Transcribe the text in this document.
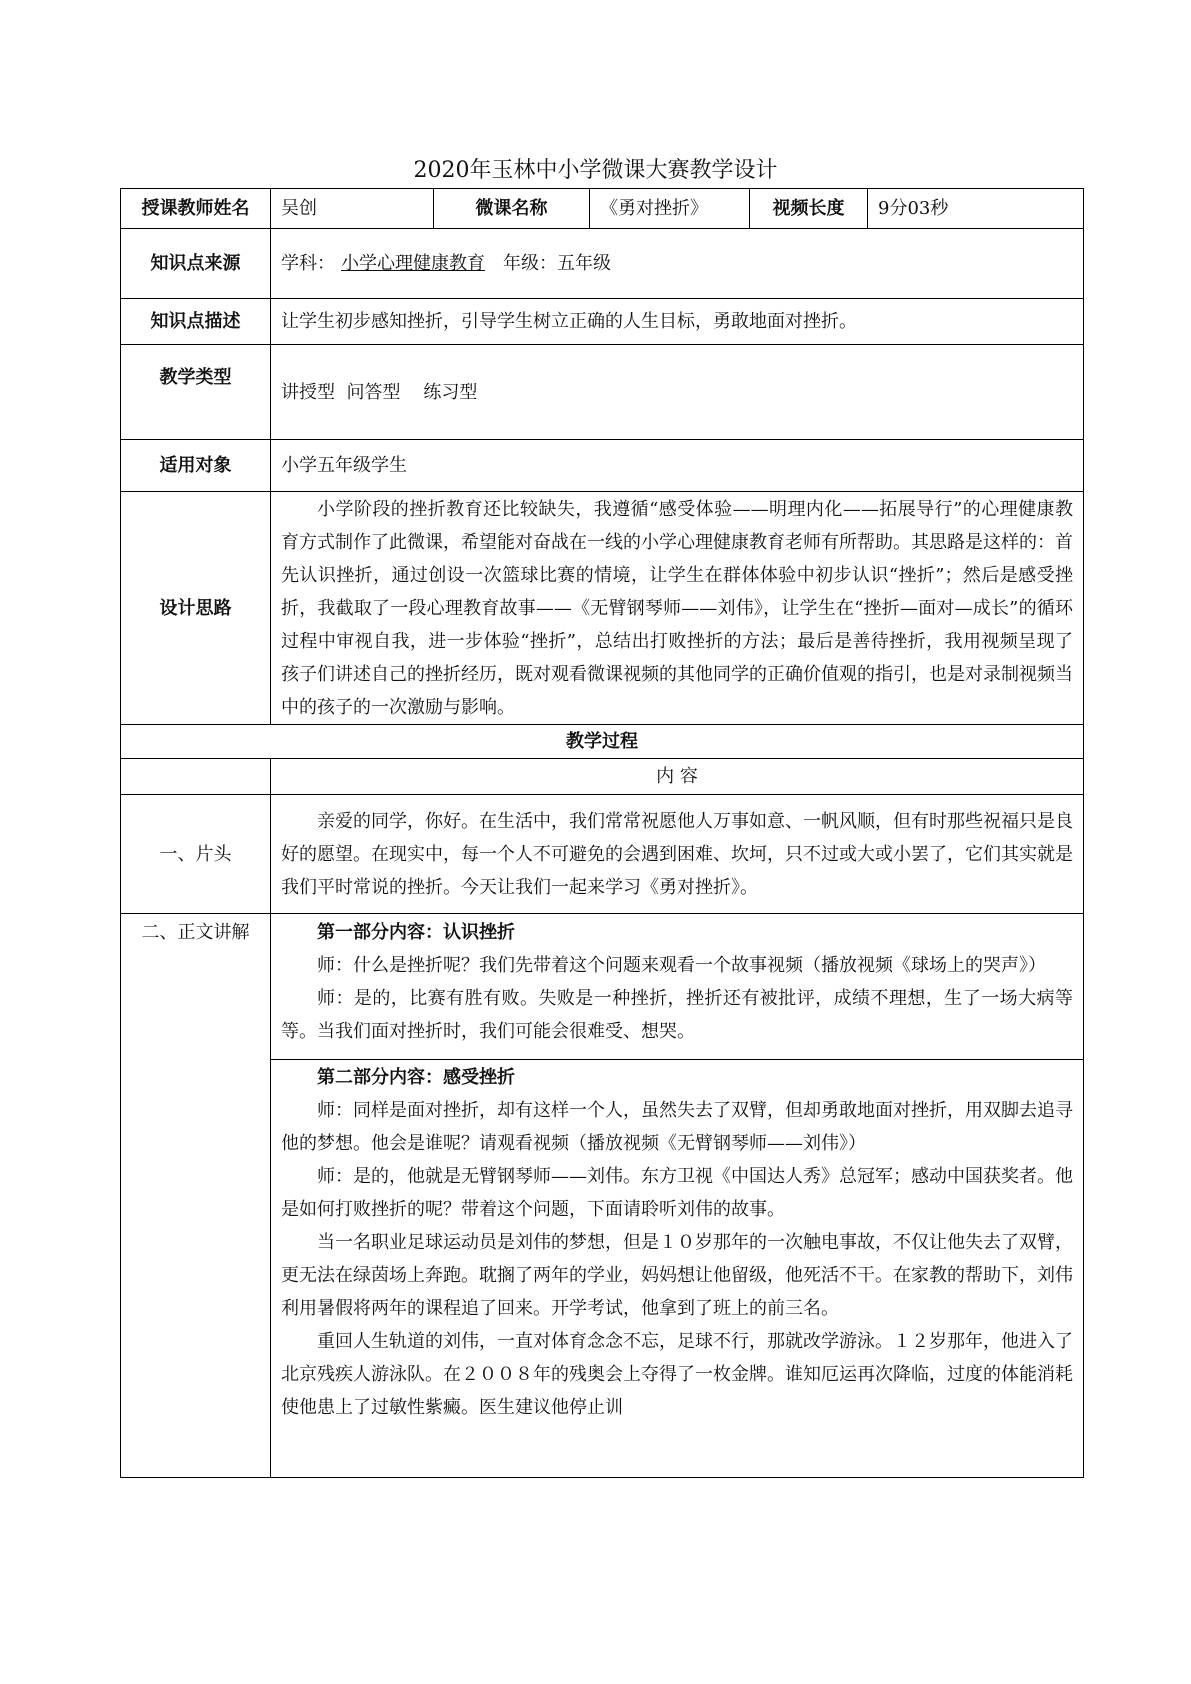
2020年玉林中小学微课大赛教学设计
授课教师姓名	吴创	微课名称	《勇对挫折》	视频长度	9分03秒
知识点来源	学科： 小学心理健康教育 年级：五年级				
知识点描述	让学生初步感知挫折，引导学生树立正确的人生目标，勇敢地面对挫折。				
教学类型	讲授型  问答型    练习型				
适用对象	小学五年级学生				
设计思路	小学阶段的挫折教育还比较缺失，我遵循“感受体验——明理内化——拓展导行”的心理健康教育方式制作了此微课，希望能对奋战在一线的小学心理健康教育老师有所帮助。其思路是这样的：首先认识挫折，通过创设一次篮球比赛的情境，让学生在群体体验中初步认识“挫折”；然后是感受挫折，我截取了一段心理教育故事——《无臂钢琴师——刘伟》，让学生在“挫折—面对—成长”的循环过程中审视自我，进一步体验“挫折”，总结出打败挫折的方法；最后是善待挫折，我用视频呈现了孩子们讲述自己的挫折经历，既对观看微课视频的其他同学的正确价值观的指引，也是对录制视频当中的孩子的一次激励与影响。				

教学过程					
	内 容				
一、片头	亲爱的同学，你好。在生活中，我们常常祝愿他人万事如意、一帆风顺，但有时那些祝福只是良好的愿望。在现实中，每一个人不可避免的会遇到困难、坎坷，只不过或大或小罢了，它们其实就是我们平时常说的挫折。今天让我们一起来学习《勇对挫折》。				

二、正文讲解	第一部分内容：认识挫折

师：什么是挫折呢？我们先带着这个问题来观看一个故事视频（播放视频《球场上的哭声》）

师：是的，比赛有胜有败。失败是一种挫折，挫折还有被批评，成绩不理想，生了一场大病等等。当我们面对挫折时，我们可能会很难受、想哭。				

	第二部分内容：感受挫折

师：同样是面对挫折，却有这样一个人，虽然失去了双臂，但却勇敢地面对挫折，用双脚去追寻他的梦想。他会是谁呢？请观看视频（播放视频《无臂钢琴师——刘伟》）

师：是的，他就是无臂钢琴师——刘伟。东方卫视《中国达人秀》总冠军；感动中国获奖者。他是如何打败挫折的呢？带着这个问题，下面请聆听刘伟的故事。

当一名职业足球运动员是刘伟的梦想，但是１０岁那年的一次触电事故，不仅让他失去了双臂，更无法在绿茵场上奔跑。耽搁了两年的学业，妈妈想让他留级，他死活不干。在家教的帮助下，刘伟利用暑假将两年的课程追了回来。开学考试，他拿到了班上的前三名。

重回人生轨道的刘伟，一直对体育念念不忘，足球不行，那就改学游泳。１２岁那年，他进入了北京残疾人游泳队。在２００８年的残奥会上夺得了一枚金牌。谁知厄运再次降临，过度的体能消耗使他患上了过敏性紫癜。医生建议他停止训				
